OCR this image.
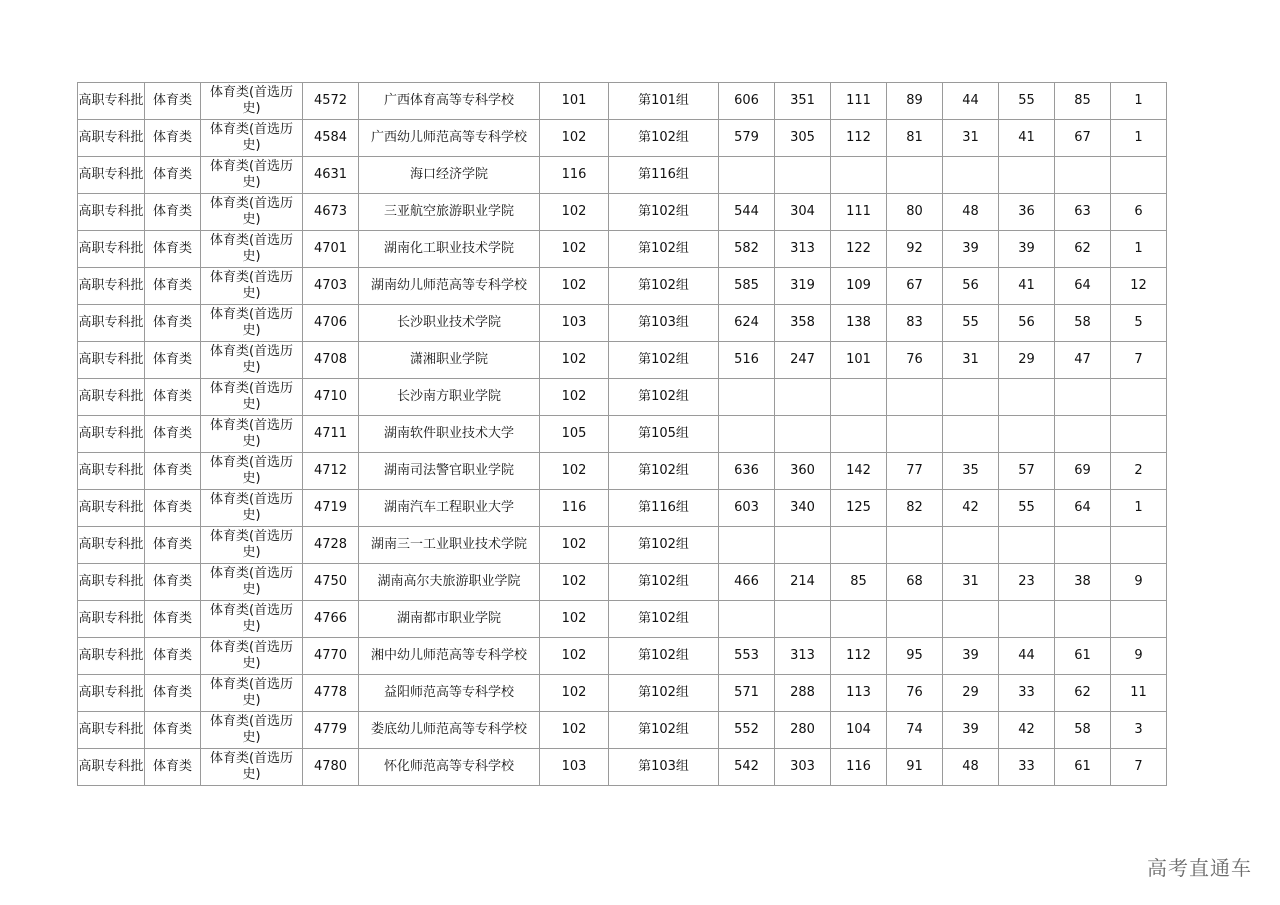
高职专科批	体育类	体育类(首选历史)	4572	广西体育高等专科学校	101	第101组	606	351	111	89	44	55	85	1
高职专科批	体育类	体育类(首选历史)	4584	广西幼儿师范高等专科学校	102	第102组	579	305	112	81	31	41	67	1
高职专科批	体育类	体育类(首选历史)	4631	海口经济学院	116	第116组								
高职专科批	体育类	体育类(首选历史)	4673	三亚航空旅游职业学院	102	第102组	544	304	111	80	48	36	63	6
高职专科批	体育类	体育类(首选历史)	4701	湖南化工职业技术学院	102	第102组	582	313	122	92	39	39	62	1
高职专科批	体育类	体育类(首选历史)	4703	湖南幼儿师范高等专科学校	102	第102组	585	319	109	67	56	41	64	12
高职专科批	体育类	体育类(首选历史)	4706	长沙职业技术学院	103	第103组	624	358	138	83	55	56	58	5
高职专科批	体育类	体育类(首选历史)	4708	潇湘职业学院	102	第102组	516	247	101	76	31	29	47	7
高职专科批	体育类	体育类(首选历史)	4710	长沙南方职业学院	102	第102组								
高职专科批	体育类	体育类(首选历史)	4711	湖南软件职业技术大学	105	第105组								
高职专科批	体育类	体育类(首选历史)	4712	湖南司法警官职业学院	102	第102组	636	360	142	77	35	57	69	2
高职专科批	体育类	体育类(首选历史)	4719	湖南汽车工程职业大学	116	第116组	603	340	125	82	42	55	64	1
高职专科批	体育类	体育类(首选历史)	4728	湖南三一工业职业技术学院	102	第102组								
高职专科批	体育类	体育类(首选历史)	4750	湖南高尔夫旅游职业学院	102	第102组	466	214	85	68	31	23	38	9
高职专科批	体育类	体育类(首选历史)	4766	湖南都市职业学院	102	第102组								
高职专科批	体育类	体育类(首选历史)	4770	湘中幼儿师范高等专科学校	102	第102组	553	313	112	95	39	44	61	9
高职专科批	体育类	体育类(首选历史)	4778	益阳师范高等专科学校	102	第102组	571	288	113	76	29	33	62	11
高职专科批	体育类	体育类(首选历史)	4779	娄底幼儿师范高等专科学校	102	第102组	552	280	104	74	39	42	58	3
高职专科批	体育类	体育类(首选历史)	4780	怀化师范高等专科学校	103	第103组	542	303	116	91	48	33	61	7
高考直通车
